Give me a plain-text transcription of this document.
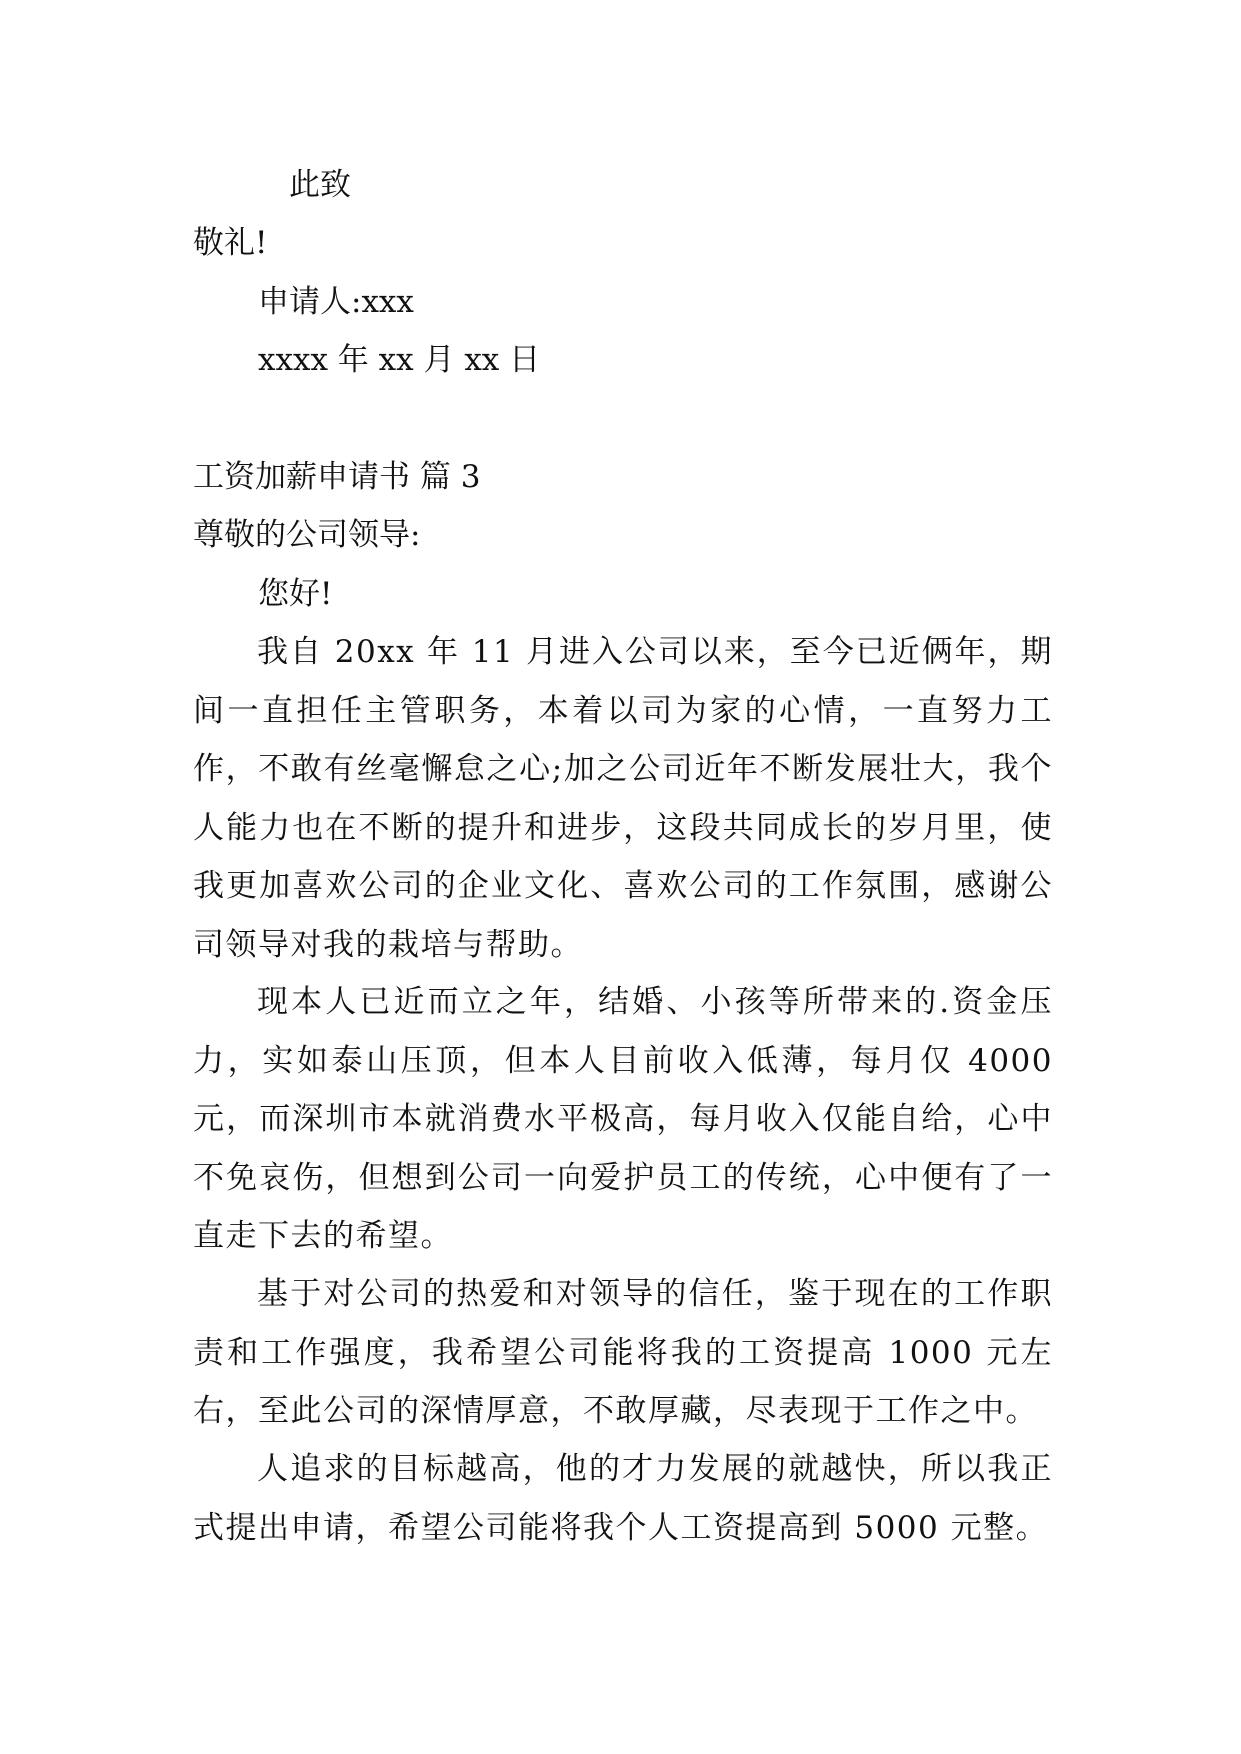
此致
敬礼!
申请人:xxx
xxxx 年 xx 月 xx 日
工资加薪申请书 篇 3
尊敬的公司领导:
您好!
我自 20xx 年 11 月进入公司以来，至今已近俩年，期间一直担任主管职务，本着以司为家的心情，一直努力工作，不敢有丝毫懈怠之心;加之公司近年不断发展壮大，我个人能力也在不断的提升和进步，这段共同成长的岁月里，使我更加喜欢公司的企业文化、喜欢公司的工作氛围，感谢公司领导对我的栽培与帮助。
现本人已近而立之年，结婚、小孩等所带来的.资金压力，实如泰山压顶，但本人目前收入低薄，每月仅 4000 元，而深圳市本就消费水平极高，每月收入仅能自给，心中不免哀伤，但想到公司一向爱护员工的传统，心中便有了一直走下去的希望。
基于对公司的热爱和对领导的信任，鉴于现在的工作职责和工作强度，我希望公司能将我的工资提高 1000 元左右，至此公司的深情厚意，不敢厚藏，尽表现于工作之中。
人追求的目标越高，他的才力发展的就越快，所以我正式提出申请，希望公司能将我个人工资提高到 5000 元整。
